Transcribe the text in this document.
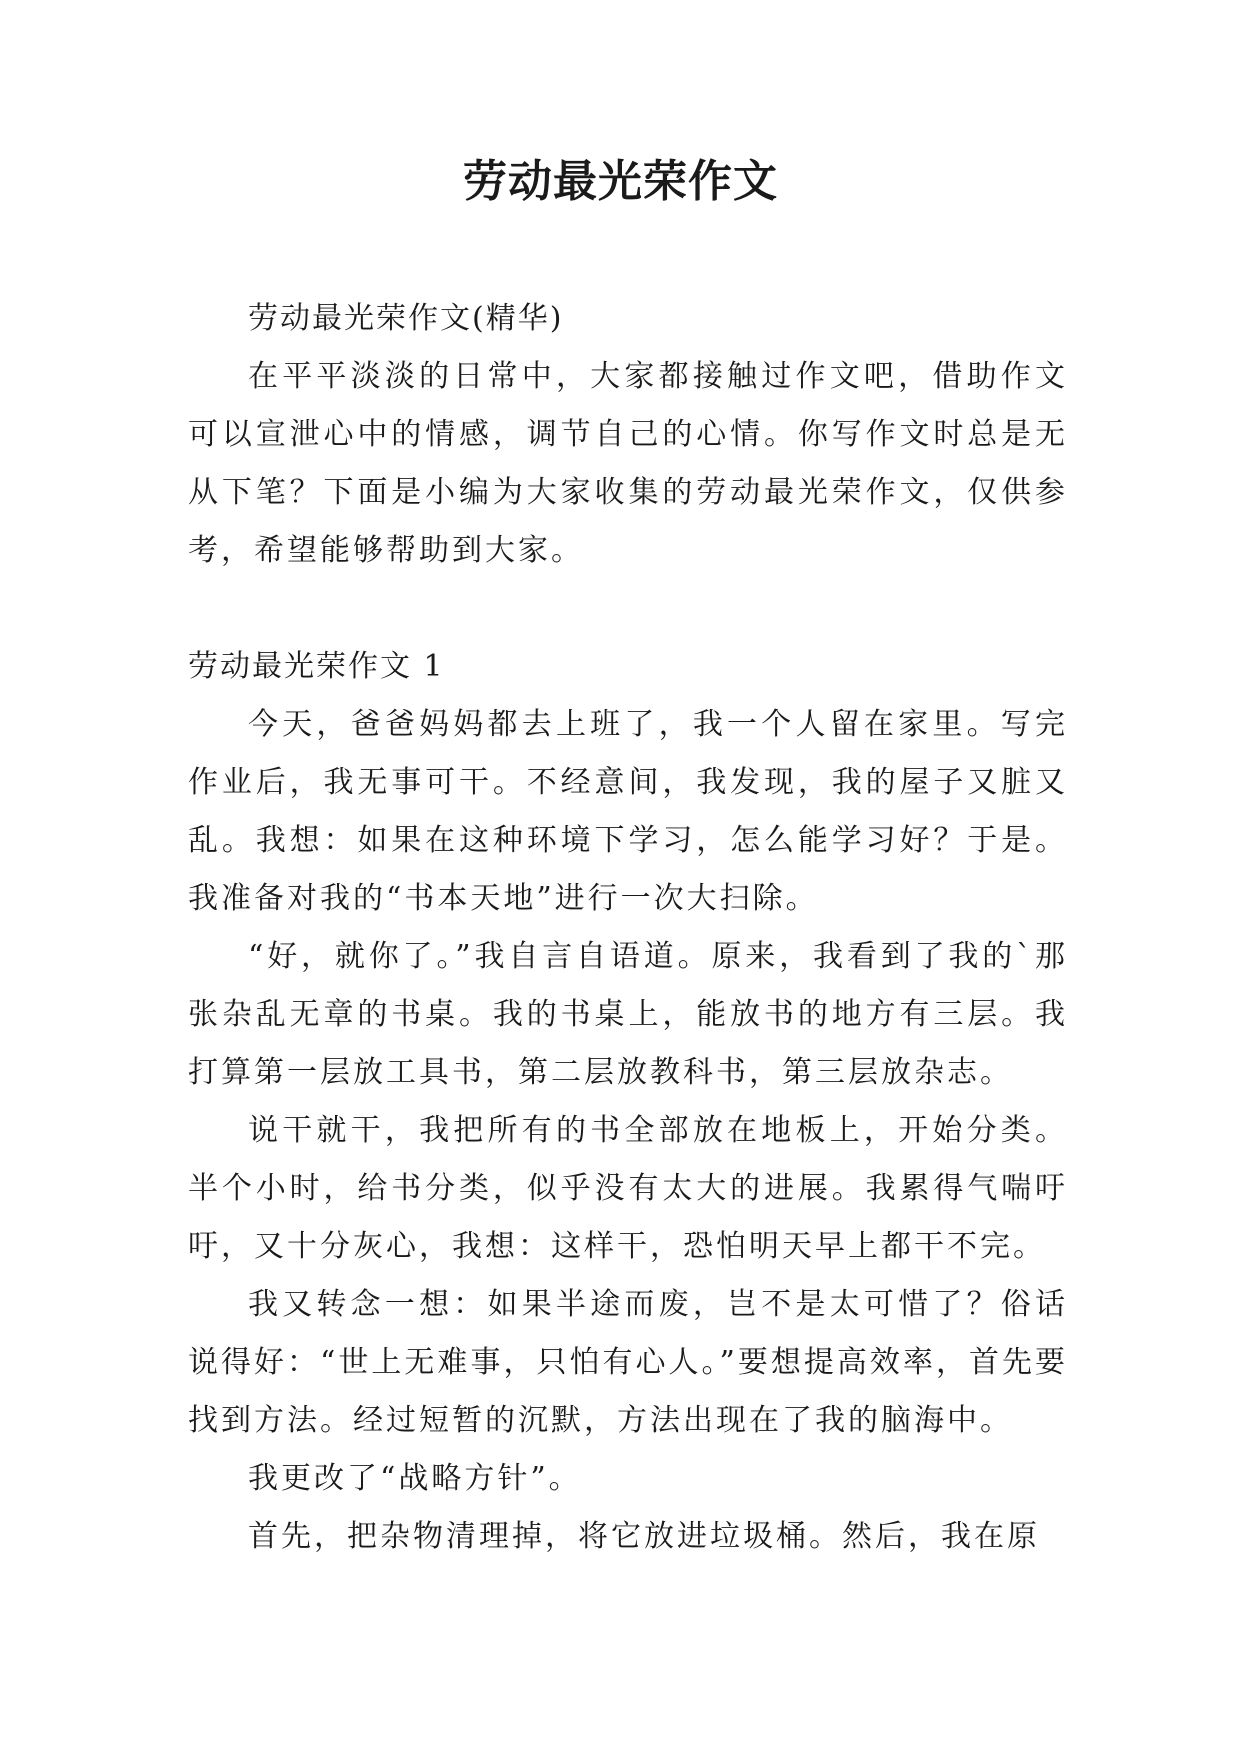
劳动最光荣作文

劳动最光荣作文(精华)

在平平淡淡的日常中，大家都接触过作文吧，借助作文可以宣泄心中的情感，调节自己的心情。你写作文时总是无从下笔？下面是小编为大家收集的劳动最光荣作文，仅供参考，希望能够帮助到大家。

劳动最光荣作文 1

今天，爸爸妈妈都去上班了，我一个人留在家里。写完作业后，我无事可干。不经意间，我发现，我的屋子又脏又乱。我想：如果在这种环境下学习，怎么能学习好？于是。我准备对我的“书本天地”进行一次大扫除。

“好，就你了。”我自言自语道。原来，我看到了我的`那张杂乱无章的书桌。我的书桌上，能放书的地方有三层。我打算第一层放工具书，第二层放教科书，第三层放杂志。

说干就干，我把所有的书全部放在地板上，开始分类。半个小时，给书分类，似乎没有太大的进展。我累得气喘吁吁，又十分灰心，我想：这样干，恐怕明天早上都干不完。

我又转念一想：如果半途而废，岂不是太可惜了？俗话说得好：“世上无难事，只怕有心人。”要想提高效率，首先要找到方法。经过短暂的沉默，方法出现在了我的脑海中。

我更改了“战略方针”。

首先，把杂物清理掉，将它放进垃圾桶。然后，我在原
